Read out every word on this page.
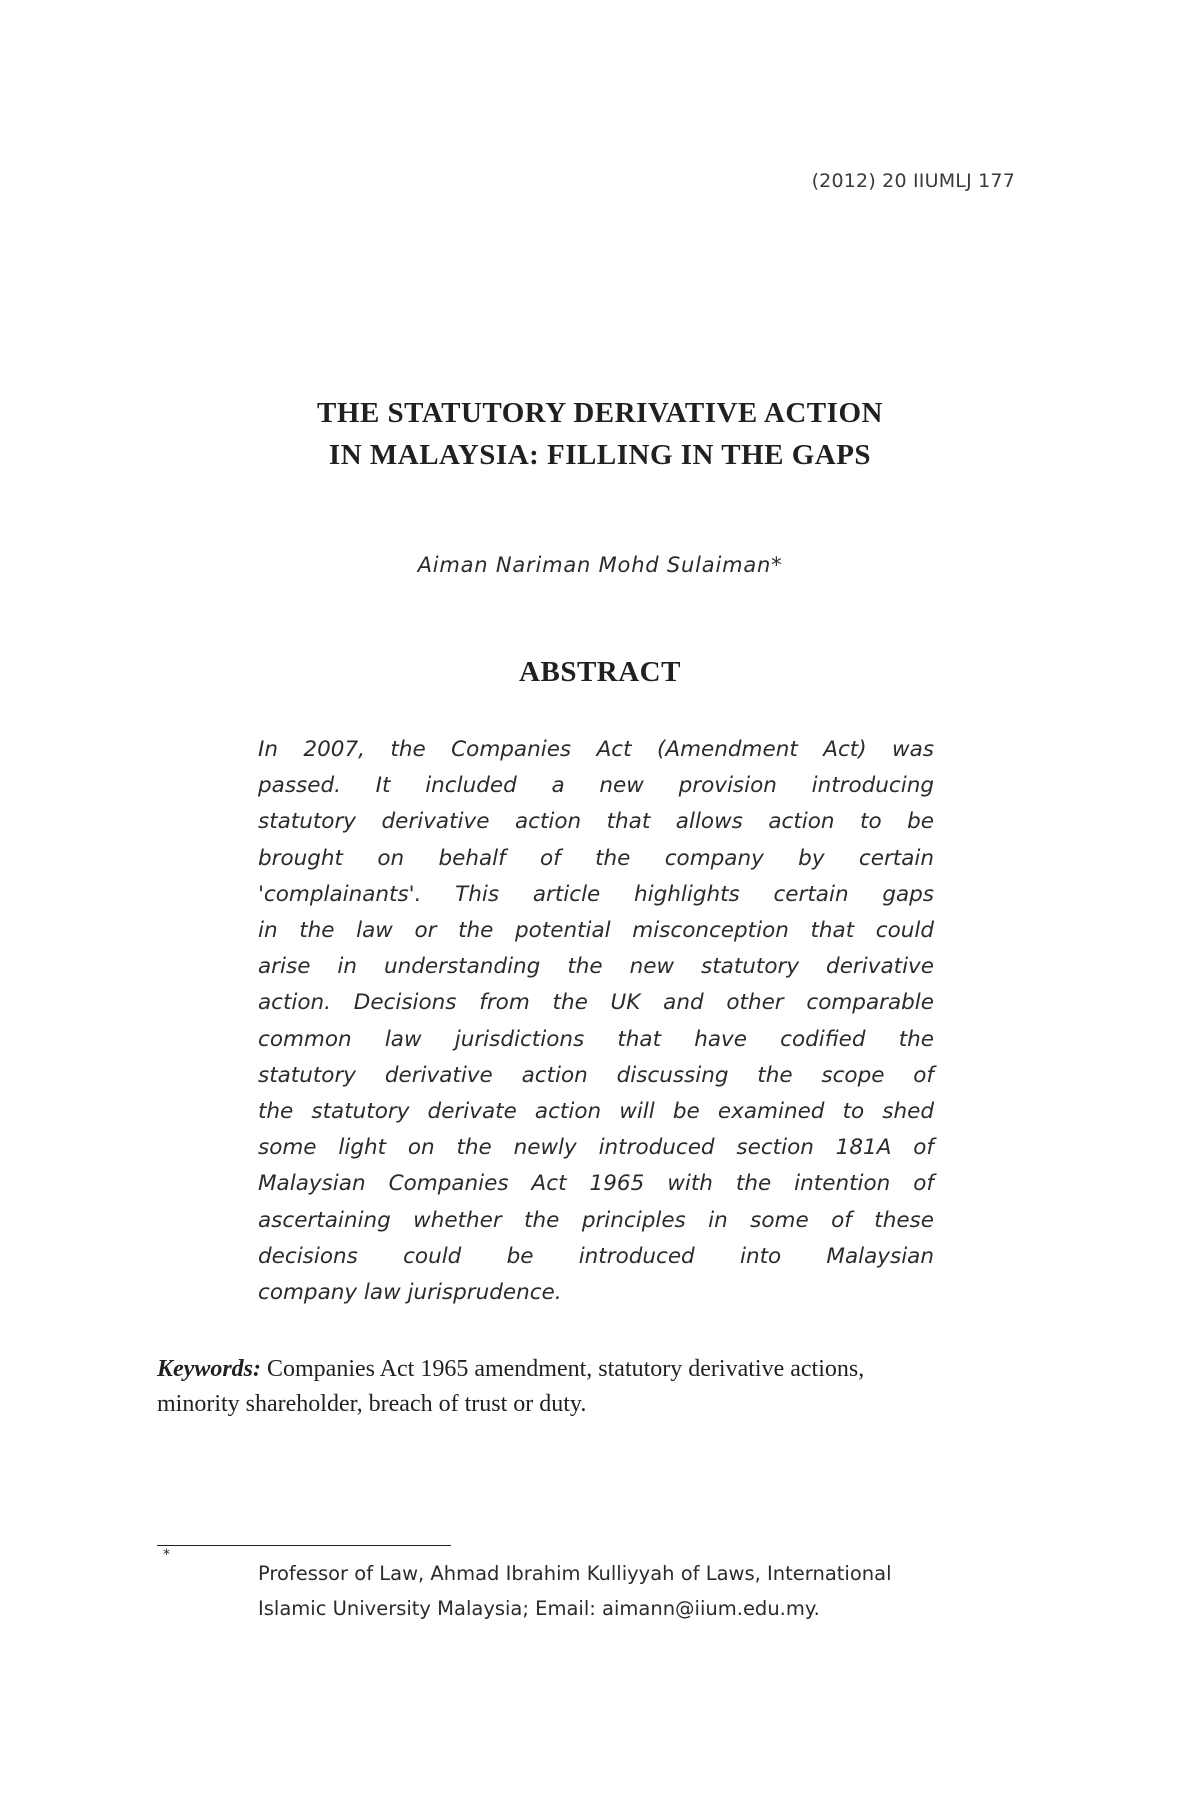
(2012) 20 IIUMLJ 177
THE STATUTORY DERIVATIVE ACTION
IN MALAYSIA: FILLING IN THE GAPS
Aiman Nariman Mohd Sulaiman*
ABSTRACT
In 2007, the Companies Act (Amendment Act) was
passed. It included a new provision introducing
statutory derivative action that allows action to be
brought on behalf of the company by certain
'complainants'. This article highlights certain gaps
in the law or the potential misconception that could
arise in understanding the new statutory derivative
action. Decisions from the UK and other comparable
common law jurisdictions that have codified the
statutory derivative action discussing the scope of
the statutory derivate action will be examined to shed
some light on the newly introduced section 181A of
Malaysian Companies Act 1965 with the intention of
ascertaining whether the principles in some of these
decisions could be introduced into Malaysian
company law jurisprudence.
Keywords: Companies Act 1965 amendment, statutory derivative actions,
minority shareholder, breach of trust or duty.
*
Professor of Law, Ahmad Ibrahim Kulliyyah of Laws, International
Islamic University Malaysia; Email: aimann@iium.edu.my.
